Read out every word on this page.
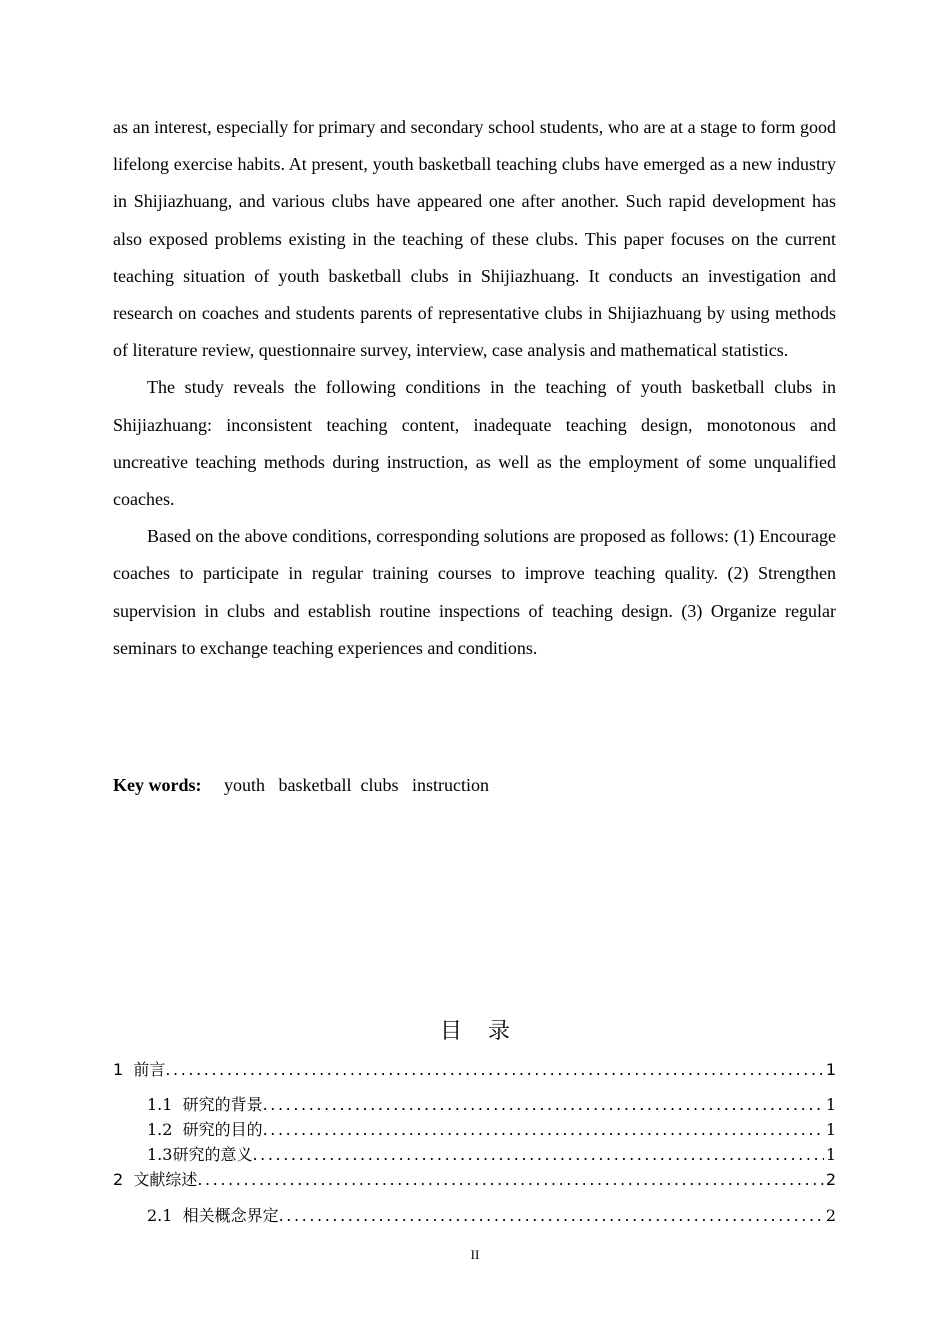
as an interest, especially for primary and secondary school students, who are at a stage to form good lifelong exercise habits. At present, youth basketball teaching clubs have emerged as a new industry in Shijiazhuang, and various clubs have appeared one after another. Such rapid development has also exposed problems existing in the teaching of these clubs. This paper focuses on the current teaching situation of youth basketball clubs in Shijiazhuang. It conducts an investigation and research on coaches and students parents of representative clubs in Shijiazhuang by using methods of literature review, questionnaire survey, interview, case analysis and mathematical statistics.

The study reveals the following conditions in the teaching of youth basketball clubs in Shijiazhuang: inconsistent teaching content, inadequate teaching design, monotonous and uncreative teaching methods during instruction, as well as the employment of some unqualified coaches.

Based on the above conditions, corresponding solutions are proposed as follows: (1) Encourage coaches to participate in regular training courses to improve teaching quality. (2) Strengthen supervision in clubs and establish routine inspections of teaching design. (3) Organize regular seminars to exchange teaching experiences and conditions.

Key words: youth   basketball  clubs   instruction
目录
1  前言 .....	1
1.1  研究的背景 .....	1
1.2  研究的目的 .....	1
1.3研究的意义 .....	1
2  文献综述 .....	2
2.1  相关概念界定 .....	2
II
